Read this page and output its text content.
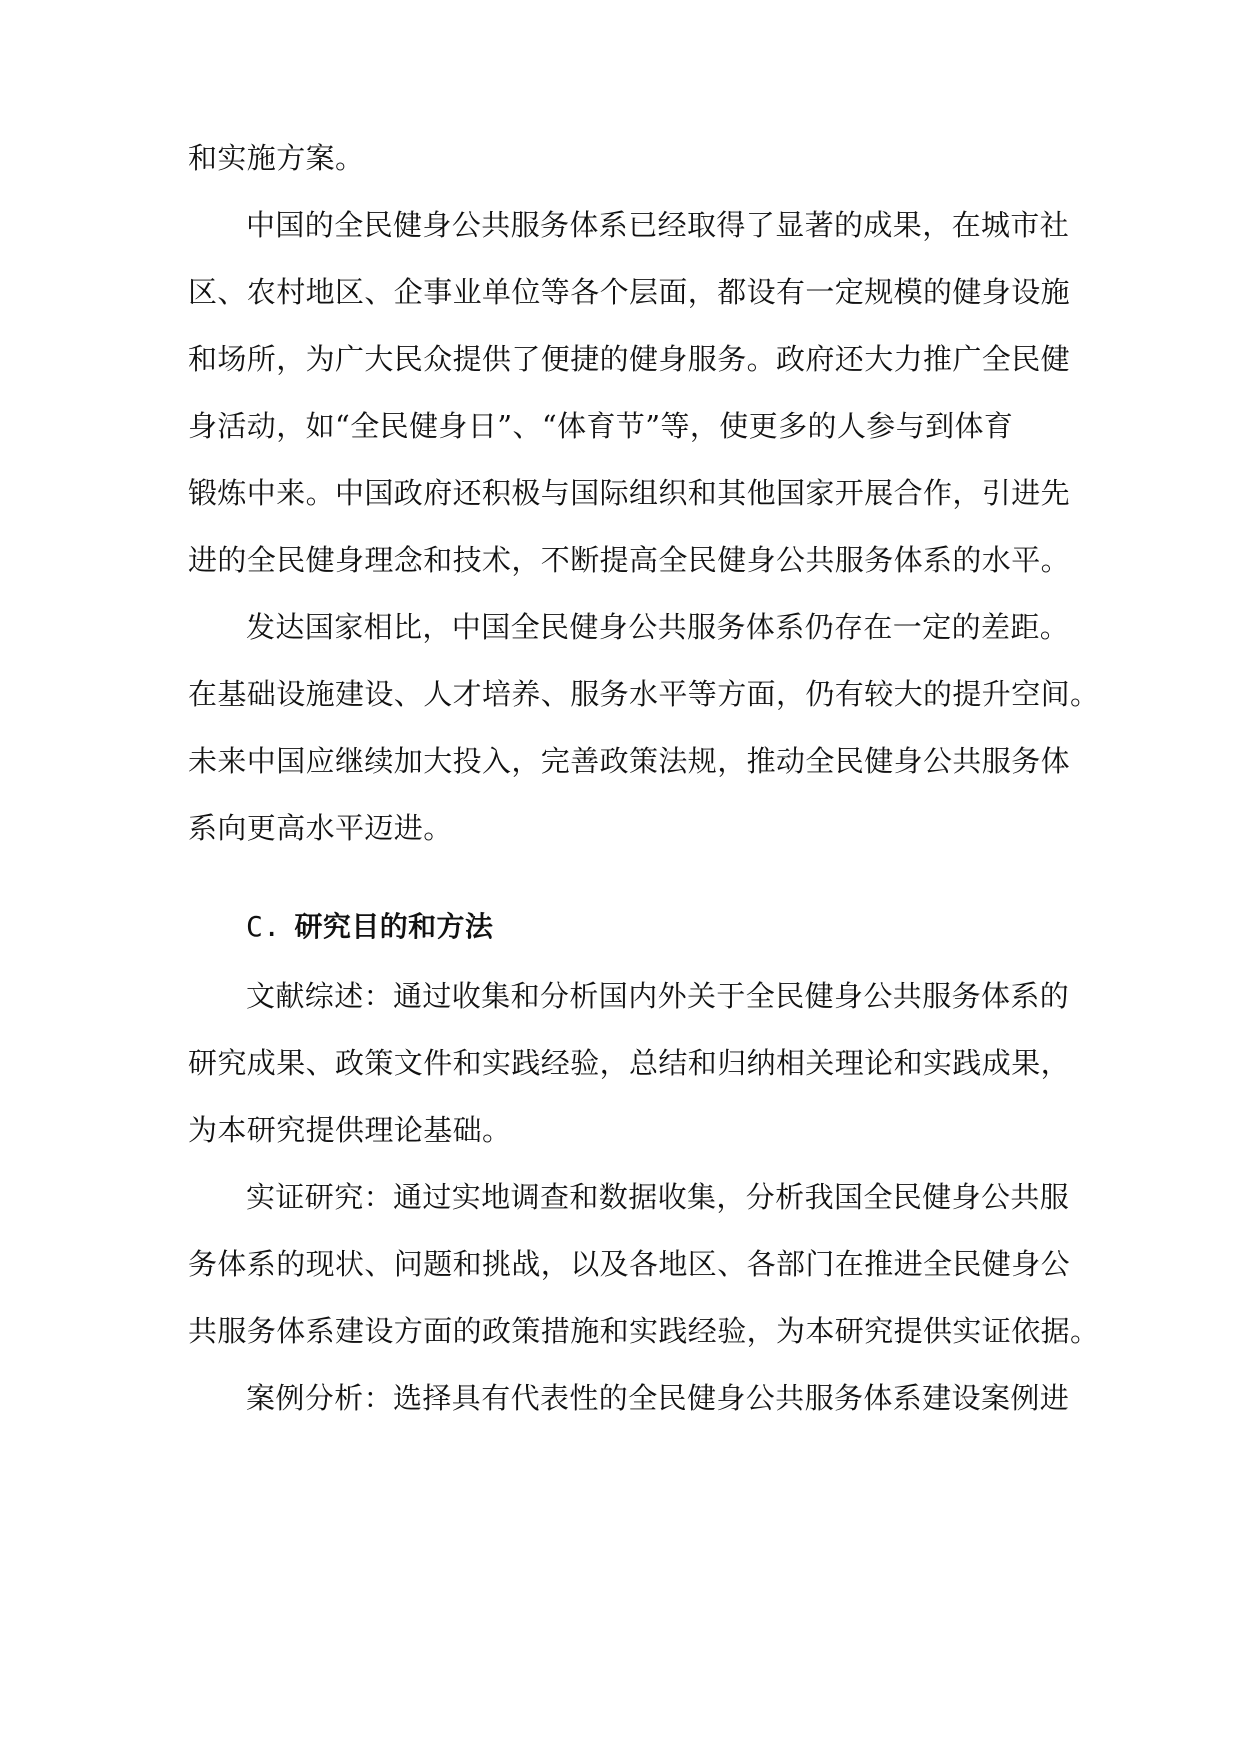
和实施方案。
中国的全民健身公共服务体系已经取得了显著的成果，在城市社
区、农村地区、企事业单位等各个层面，都设有一定规模的健身设施
和场所，为广大民众提供了便捷的健身服务。政府还大力推广全民健
身活动，如“全民健身日”、“体育节”等，使更多的人参与到体育
锻炼中来。中国政府还积极与国际组织和其他国家开展合作，引进先
进的全民健身理念和技术，不断提高全民健身公共服务体系的水平。
发达国家相比，中国全民健身公共服务体系仍存在一定的差距。
在基础设施建设、人才培养、服务水平等方面，仍有较大的提升空间。
未来中国应继续加大投入，完善政策法规，推动全民健身公共服务体
系向更高水平迈进。
C. 研究目的和方法
文献综述：通过收集和分析国内外关于全民健身公共服务体系的
研究成果、政策文件和实践经验，总结和归纳相关理论和实践成果，
为本研究提供理论基础。
实证研究：通过实地调查和数据收集，分析我国全民健身公共服
务体系的现状、问题和挑战，以及各地区、各部门在推进全民健身公
共服务体系建设方面的政策措施和实践经验，为本研究提供实证依据。
案例分析：选择具有代表性的全民健身公共服务体系建设案例进
